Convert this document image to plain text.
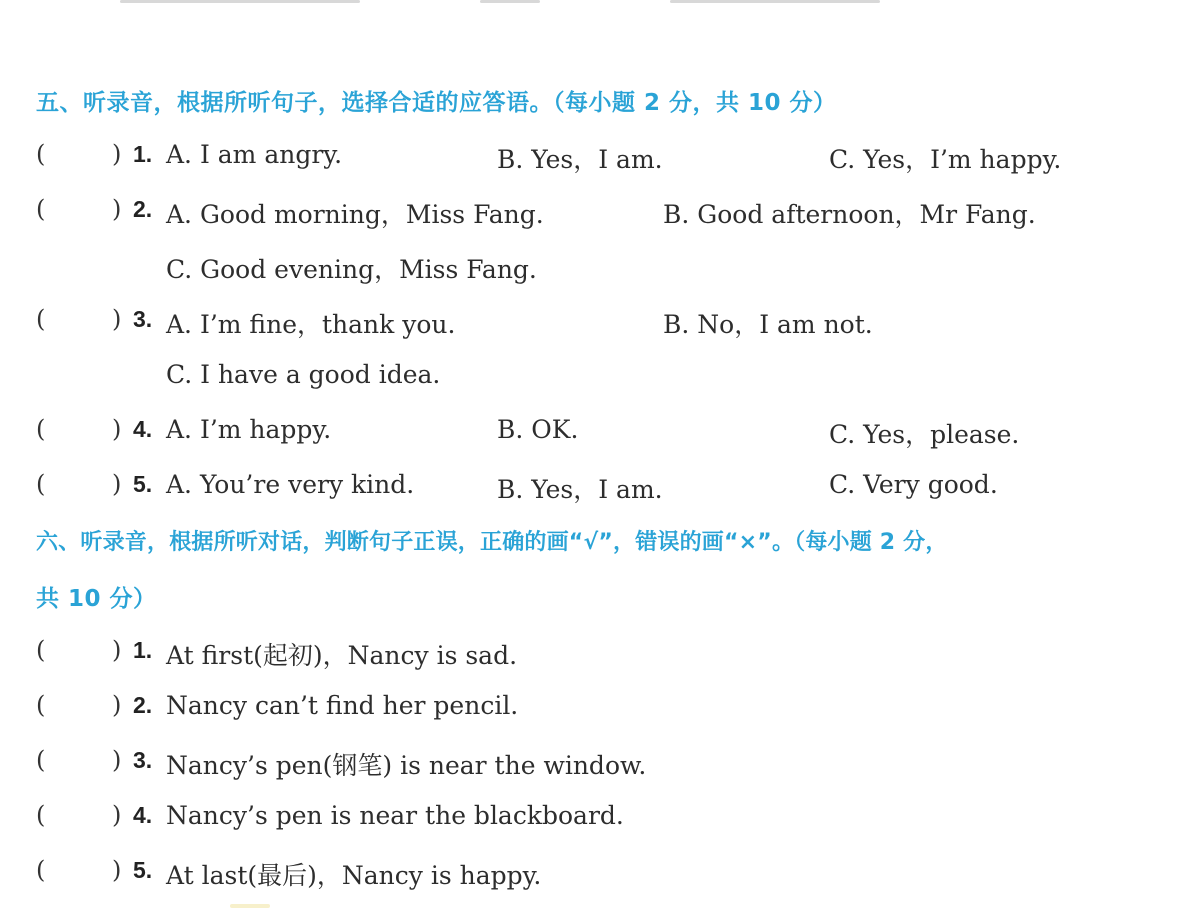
五、听录音，根据所听句子，选择合适的应答语。（每小题 2 分，共 10 分）
(	) 1. A. I am angry.	B. Yes，I am.	C. Yes，I’m happy.
(	) 2. A. Good morning，Miss Fang.	B. Good afternoon，Mr Fang.
C. Good evening，Miss Fang.
(	) 3. A. I’m fine，thank you.	B. No，I am not.
C. I have a good idea.
(	) 4. A. I’m happy.	B. OK.	C. Yes，please.
(	) 5. A. You’re very kind.	B. Yes，I am.	C. Very good.
六、听录音，根据所听对话，判断句子正误，正确的画“√”，错误的画“×”。（每小题 2 分，
共 10 分）
(	) 1. At first(起初)，Nancy is sad.
(	) 2. Nancy can’t find her pencil.
(	) 3. Nancy’s pen(钢笔) is near the window.
(	) 4. Nancy’s pen is near the blackboard.
(	) 5. At last(最后)，Nancy is happy.
